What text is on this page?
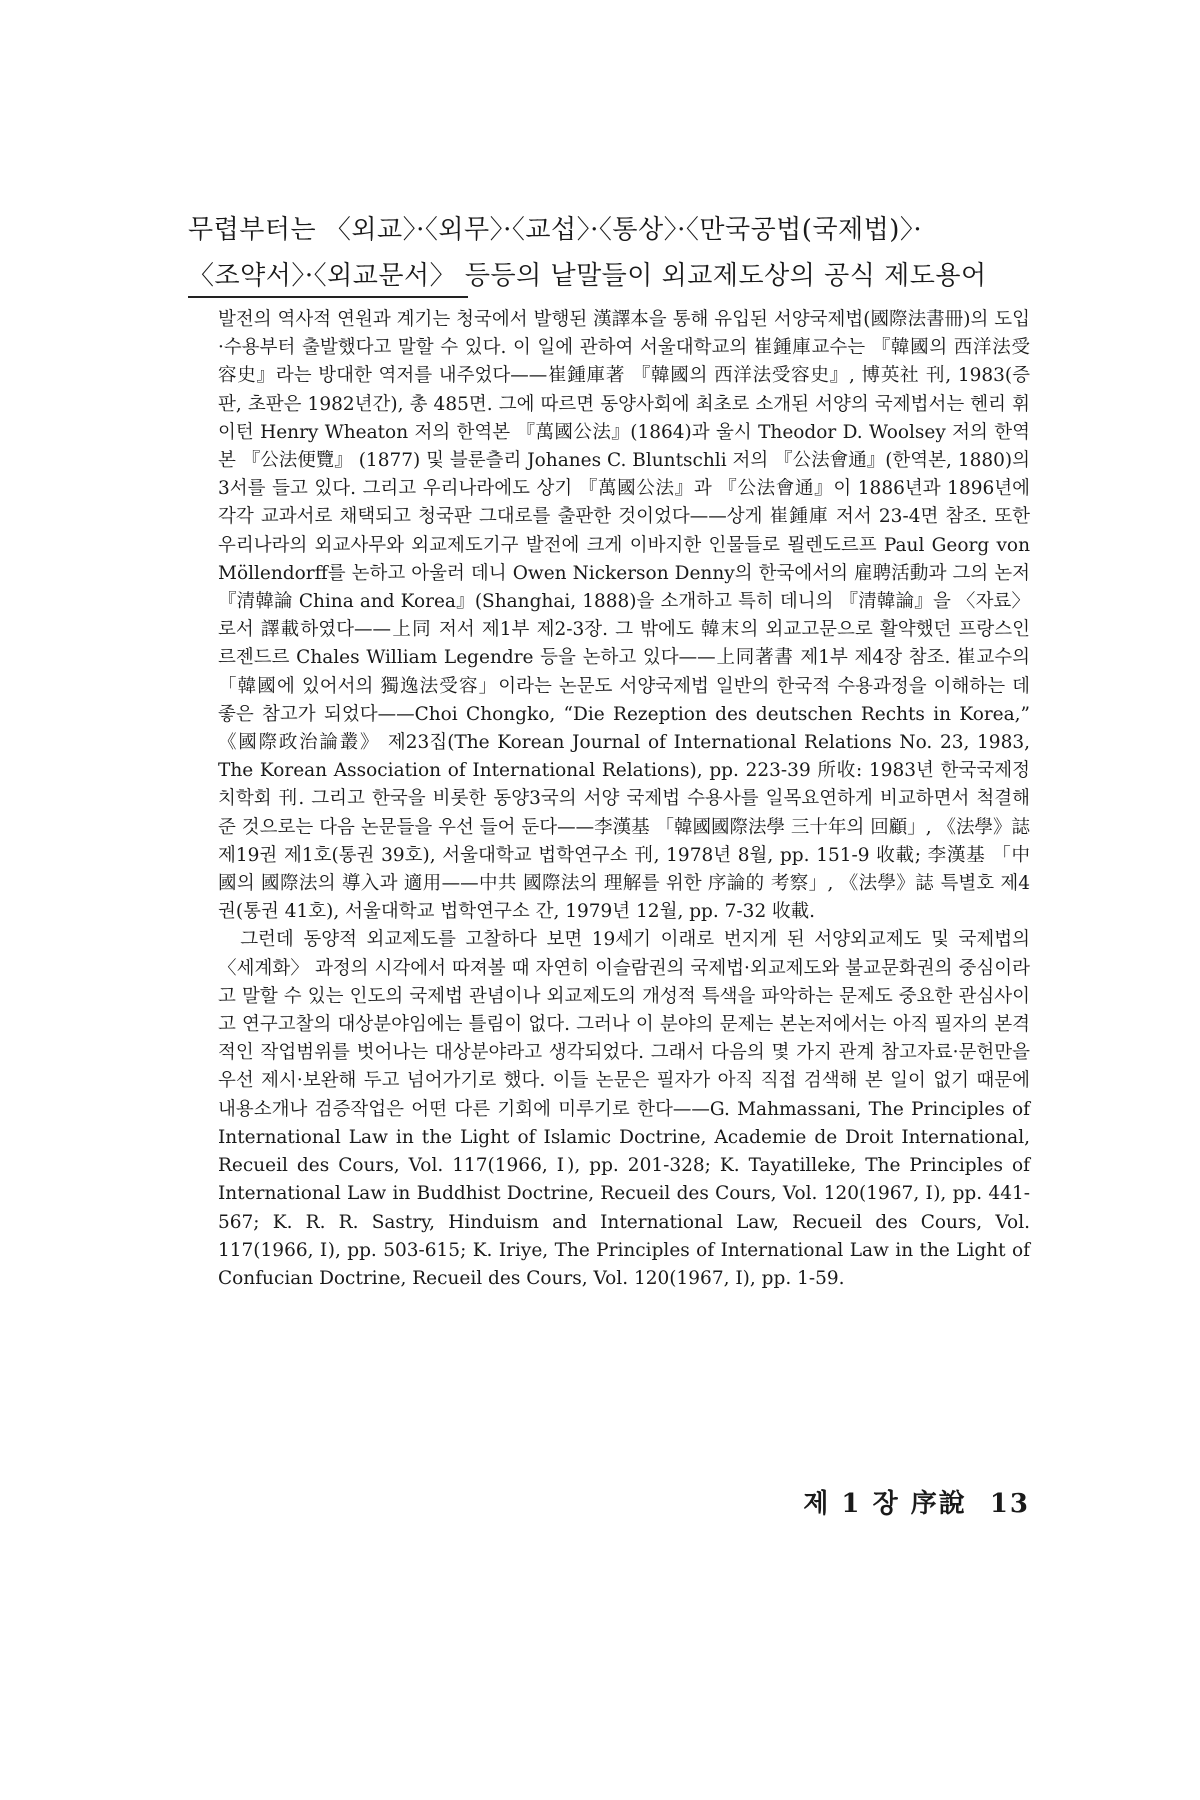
무렵부터는 〈외교〉·〈외무〉·〈교섭〉·〈통상〉·〈만국공법(국제법)〉·
〈조약서〉·〈외교문서〉 등등의 낱말들이 외교제도상의 공식 제도용어

발전의 역사적 연원과 계기는 청국에서 발행된 漢譯本을 통해 유입된 서양국제법(國際法書冊)의 도입·수용부터 출발했다고 말할 수 있다. 이 일에 관하여 서울대학교의 崔鍾庫교수는 『韓國의 西洋法受容史』라는 방대한 역저를 내주었다——崔鍾庫著 『韓國의 西洋法受容史』, 博英社 刊, 1983(증판, 초판은 1982년간), 총 485면. 그에 따르면 동양사회에 최초로 소개된 서양의 국제법서는 헨리 휘이턴 Henry Wheaton 저의 한역본 『萬國公法』(1864)과 울시 Theodor D. Woolsey 저의 한역본 『公法便覽』 (1877) 및 블룬츨리 Johanes C. Bluntschli 저의 『公法會通』(한역본, 1880)의 3서를 들고 있다. 그리고 우리나라에도 상기 『萬國公法』과 『公法會通』이 1886년과 1896년에 각각 교과서로 채택되고 청국판 그대로를 출판한 것이었다——상게 崔鍾庫 저서 23-4면 참조. 또한 우리나라의 외교사무와 외교제도기구 발전에 크게 이바지한 인물들로 묄렌도르프 Paul Georg von Möllendorff를 논하고 아울러 데니 Owen Nickerson Denny의 한국에서의 雇聘活動과 그의 논저 『清韓論 China and Korea』(Shanghai, 1888)을 소개하고 특히 데니의 『清韓論』을 〈자료〉로서 譯載하였다——上同 저서 제1부 제2-3장. 그 밖에도 韓末의 외교고문으로 활약했던 프랑스인 르젠드르 Chales William Legendre 등을 논하고 있다——上同著書 제1부 제4장 참조. 崔교수의 「韓國에 있어서의 獨逸法受容」이라는 논문도 서양국제법 일반의 한국적 수용과정을 이해하는 데 좋은 참고가 되었다——Choi Chongko, “Die Rezeption des deutschen Rechts in Korea,” 《國際政治論叢》 제23집(The Korean Journal of International Relations No. 23, 1983, The Korean Association of International Relations), pp. 223-39 所收: 1983년 한국국제정치학회 刊. 그리고 한국을 비롯한 동양3국의 서양 국제법 수용사를 일목요연하게 비교하면서 척결해 준 것으로는 다음 논문들을 우선 들어 둔다——李漢基 「韓國國際法學 三十年의 回顧」, 《法學》誌 제19권 제1호(통권 39호), 서울대학교 법학연구소 刊, 1978년 8월, pp. 151-9 收載; 李漢基 「中國의 國際法의 導入과 適用——中共 國際法의 理解를 위한 序論的 考察」, 《法學》誌 특별호 제4권(통권 41호), 서울대학교 법학연구소 간, 1979년 12월, pp. 7-32 收載.

그런데 동양적 외교제도를 고찰하다 보면 19세기 이래로 번지게 된 서양외교제도 및 국제법의 〈세계화〉 과정의 시각에서 따져볼 때 자연히 이슬람권의 국제법·외교제도와 불교문화권의 중심이라고 말할 수 있는 인도의 국제법 관념이나 외교제도의 개성적 특색을 파악하는 문제도 중요한 관심사이고 연구고찰의 대상분야임에는 틀림이 없다. 그러나 이 분야의 문제는 본논저에서는 아직 필자의 본격적인 작업범위를 벗어나는 대상분야라고 생각되었다. 그래서 다음의 몇 가지 관계 참고자료·문헌만을 우선 제시·보완해 두고 넘어가기로 했다. 이들 논문은 필자가 아직 직접 검색해 본 일이 없기 때문에 내용소개나 검증작업은 어떤 다른 기회에 미루기로 한다——G. Mahmassani, The Principles of International Law in the Light of Islamic Doctrine, Academie de Droit International, Recueil des Cours, Vol. 117(1966, Ⅰ), pp. 201-328; K. Tayatilleke, The Principles of International Law in Buddhist Doctrine, Recueil des Cours, Vol. 120(1967, Ⅰ), pp. 441-567; K. R. R. Sastry, Hinduism and International Law, Recueil des Cours, Vol. 117(1966, Ⅰ), pp. 503-615; K. Iriye, The Principles of International Law in the Light of Confucian Doctrine, Recueil des Cours, Vol. 120(1967, Ⅰ), pp. 1-59.

제 1 장 序說 13
